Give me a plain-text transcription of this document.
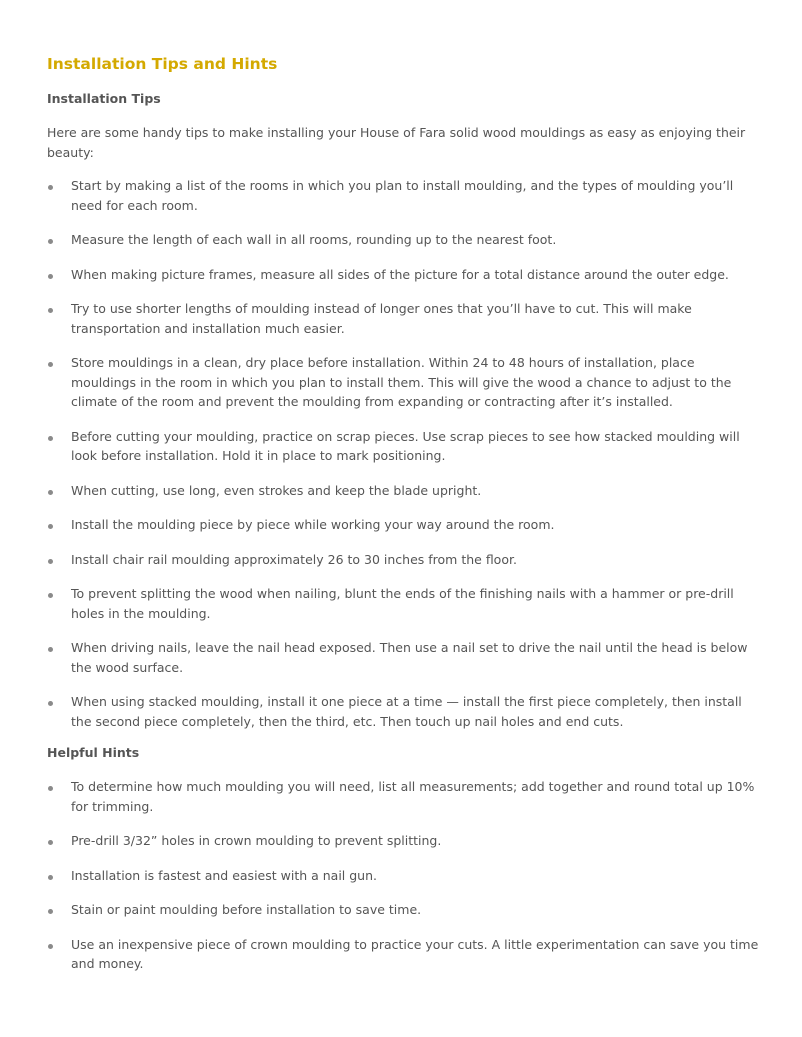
Installation Tips and Hints
Installation Tips

Here are some handy tips to make installing your House of Fara solid wood mouldings as easy as enjoying their beauty:

Start by making a list of the rooms in which you plan to install moulding, and the types of moulding you’ll need for each room.
Measure the length of each wall in all rooms, rounding up to the nearest foot.
When making picture frames, measure all sides of the picture for a total distance around the outer edge.
Try to use shorter lengths of moulding instead of longer ones that you’ll have to cut. This will make transportation and installation much easier.
Store mouldings in a clean, dry place before installation. Within 24 to 48 hours of installation, place mouldings in the room in which you plan to install them. This will give the wood a chance to adjust to the climate of the room and prevent the moulding from expanding or contracting after it’s installed.
Before cutting your moulding, practice on scrap pieces. Use scrap pieces to see how stacked moulding will look before installation. Hold it in place to mark positioning.
When cutting, use long, even strokes and keep the blade upright.
Install the moulding piece by piece while working your way around the room.
Install chair rail moulding approximately 26 to 30 inches from the floor.
To prevent splitting the wood when nailing, blunt the ends of the finishing nails with a hammer or pre-drill holes in the moulding.
When driving nails, leave the nail head exposed. Then use a nail set to drive the nail until the head is below the wood surface.
When using stacked moulding, install it one piece at a time — install the first piece completely, then install the second piece completely, then the third, etc. Then touch up nail holes and end cuts.
Helpful Hints
To determine how much moulding you will need, list all measurements; add together and round total up 10% for trimming.
Pre-drill 3/32” holes in crown moulding to prevent splitting.
Installation is fastest and easiest with a nail gun.
Stain or paint moulding before installation to save time.
Use an inexpensive piece of crown moulding to practice your cuts. A little experimentation can save you time and money.
